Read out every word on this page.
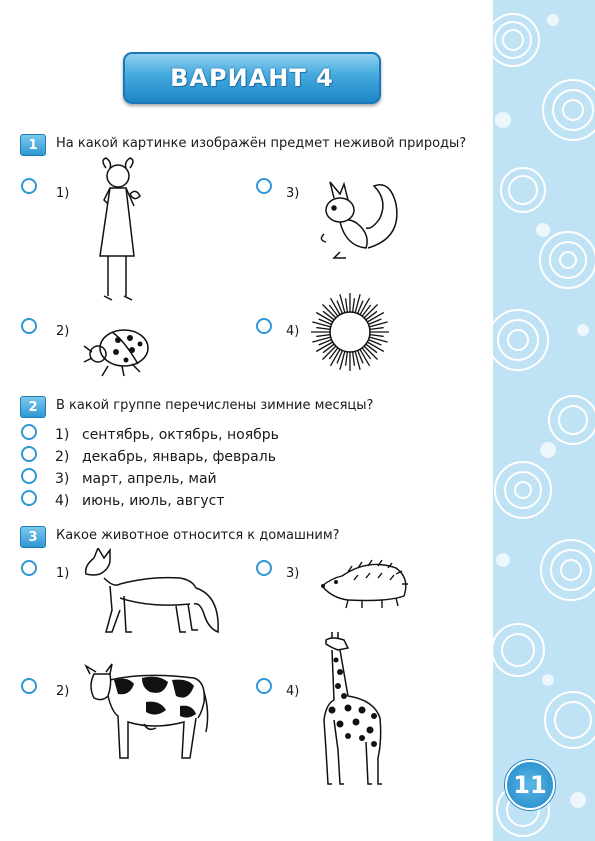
ВАРИАНТ 4
1	На какой картинке изображён предмет неживой природы?
1)	3)
2)	4)
2	В какой группе перечислены зимние месяцы?
1) сентябрь, октябрь, ноябрь
2) декабрь, январь, февраль
3) март, апрель, май
4) июнь, июль, август
3	Какое животное относится к домашним?
1)	3)
2)	4)
11
